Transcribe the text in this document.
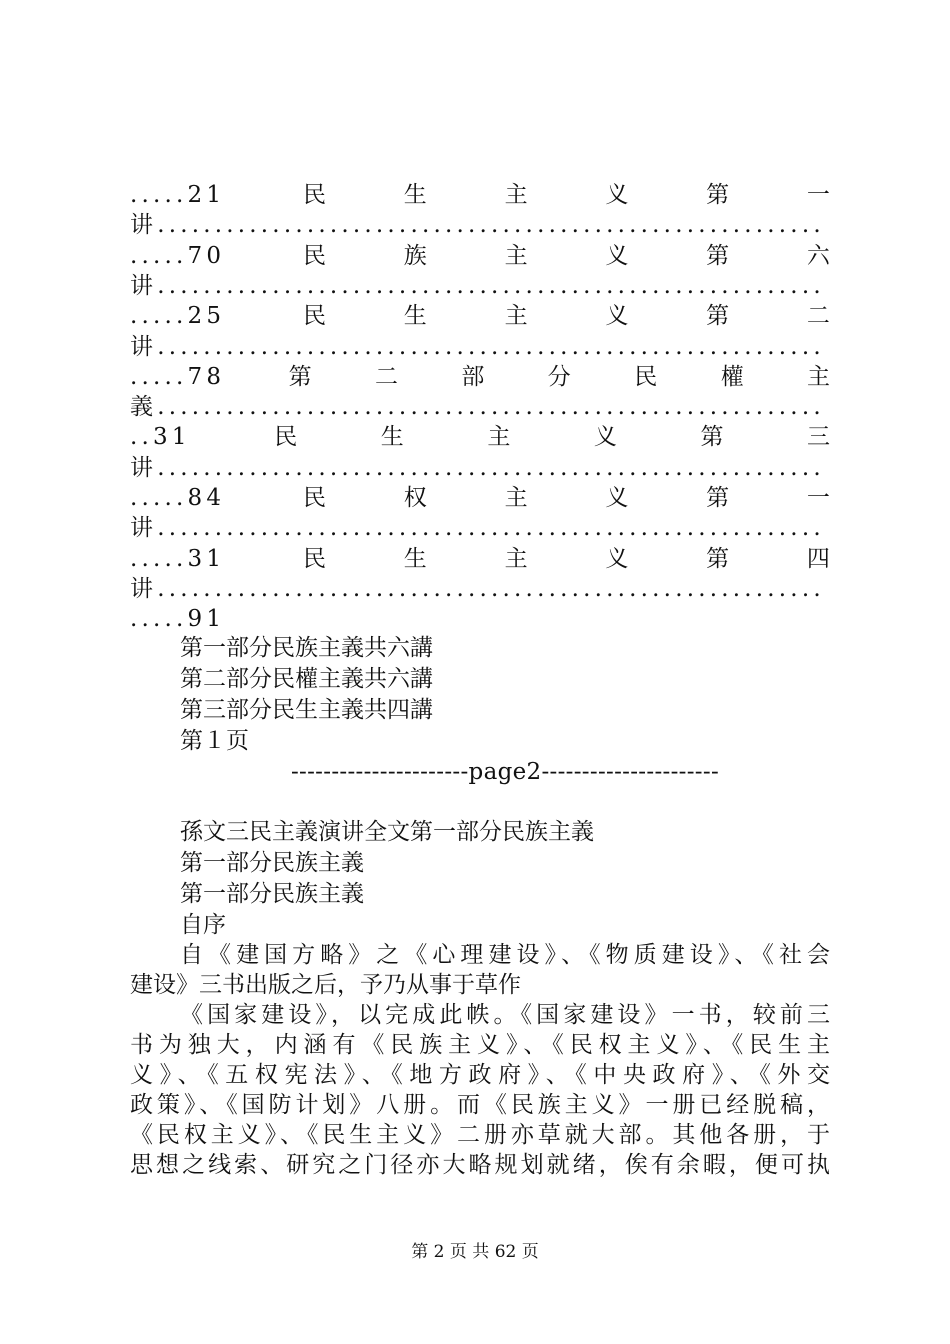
.....21	民	生	主	义	第	一
讲..........................................................
.....70	民	族	主	义	第	六
讲..........................................................
.....25	民	生	主	义	第	二
讲..........................................................
.....78	第	二	部	分	民	權	主
義..........................................................
..31	民	生	主	义	第	三
讲..........................................................
.....84	民	权	主	义	第	一
讲..........................................................
.....31	民	生	主	义	第	四
讲..........................................................
.....91
第一部分民族主義共六講
第二部分民權主義共六講
第三部分民生主義共四講
第１页
----------------------page2----------------------
孫文三民主義演讲全文第一部分民族主義
第一部分民族主義
第一部分民族主義
自序
自《建国方略》之《心理建设》、《物质建设》、《社会
建设》三书出版之后，予乃从事于草作
《国家建设》，以完成此帙。《国家建设》一书，较前三
书为独大，内涵有《民族主义》、《民权主义》、《民生主
义》、《五权宪法》、《地方政府》、《中央政府》、《外交
政策》、《国防计划》八册。而《民族主义》一册已经脱稿，
《民权主义》、《民生主义》二册亦草就大部。其他各册，于
思想之线索、研究之门径亦大略规划就绪，俟有余暇，便可执
第 2 页 共 62 页
